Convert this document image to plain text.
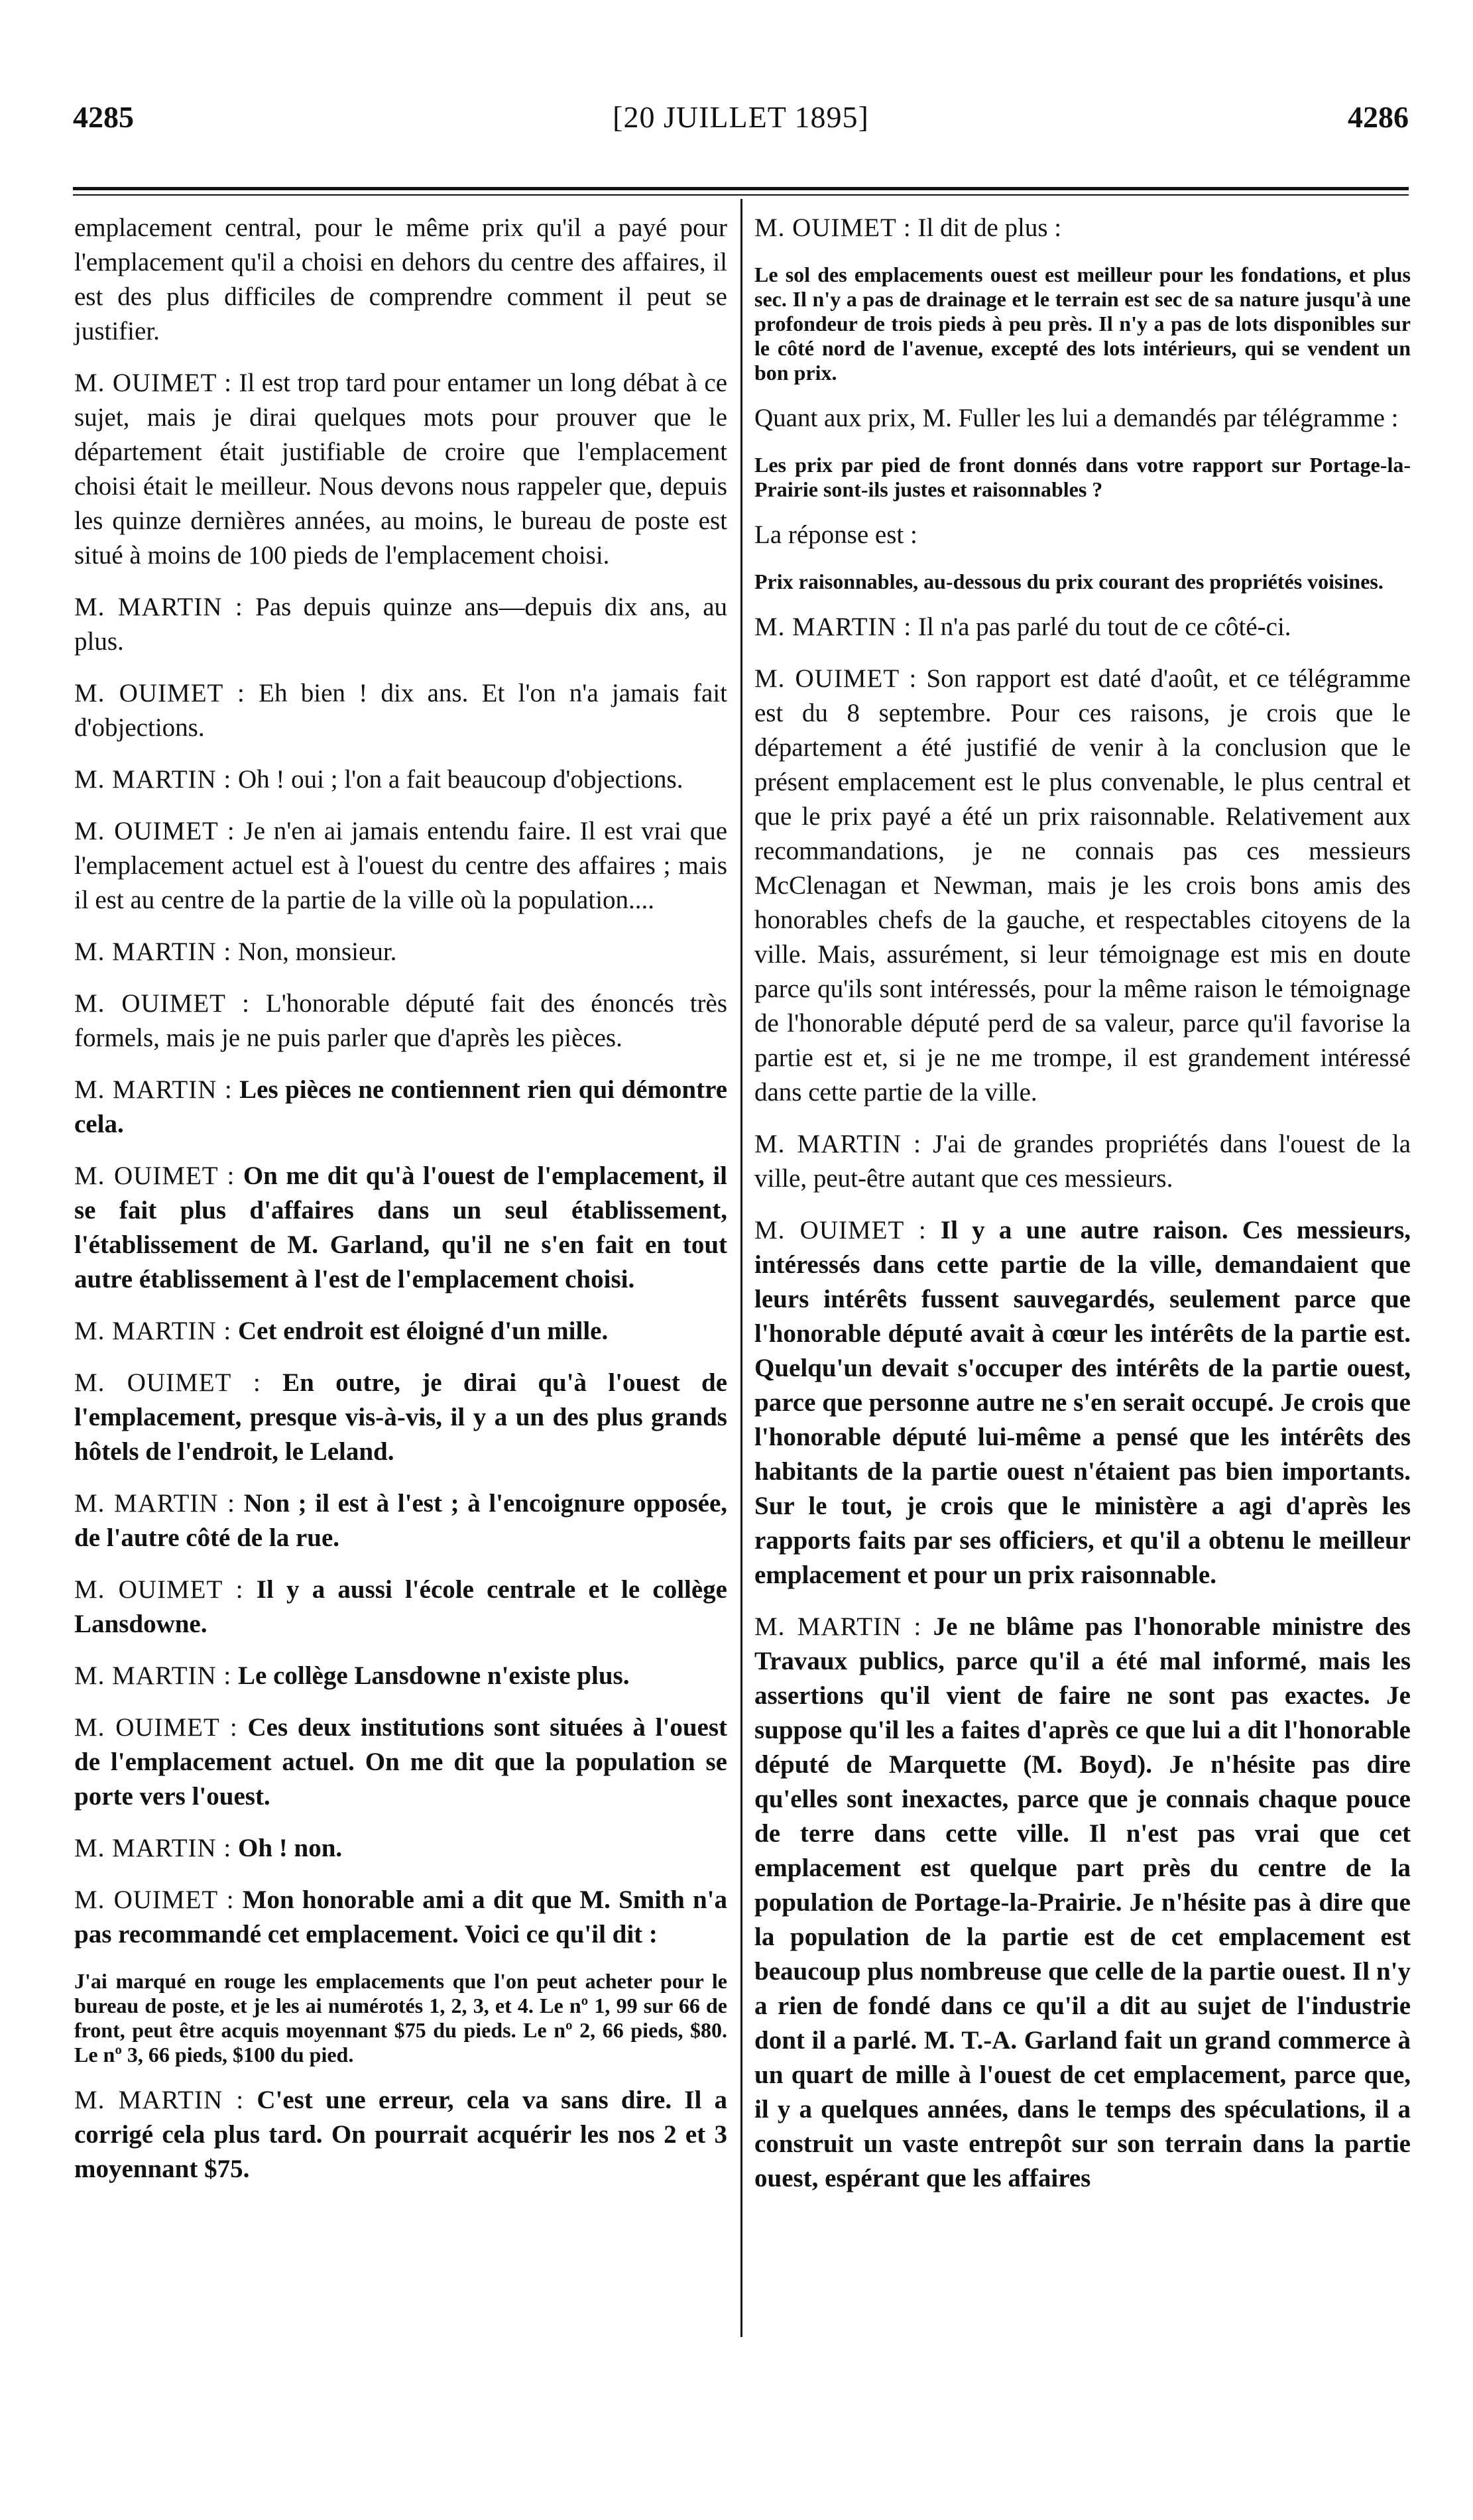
4285	[20 JUILLET 1895]	4286

emplacement central, pour le même prix qu'il a payé pour l'emplacement qu'il a choisi en dehors du centre des affaires, il est des plus difficiles de comprendre comment il peut se justifier.

M. OUIMET : Il est trop tard pour entamer un long débat à ce sujet, mais je dirai quelques mots pour prouver que le département était justifiable de croire que l'emplacement choisi était le meilleur. Nous devons nous rappeler que, depuis les quinze dernières années, au moins, le bureau de poste est situé à moins de 100 pieds de l'emplacement choisi.

M. MARTIN : Pas depuis quinze ans—depuis dix ans, au plus.

M. OUIMET : Eh bien ! dix ans. Et l'on n'a jamais fait d'objections.

M. MARTIN : Oh ! oui ; l'on a fait beaucoup d'objections.

M. OUIMET : Je n'en ai jamais entendu faire. Il est vrai que l'emplacement actuel est à l'ouest du centre des affaires ; mais il est au centre de la partie de la ville où la population....

M. MARTIN : Non, monsieur.

M. OUIMET : L'honorable député fait des énoncés très formels, mais je ne puis parler que d'après les pièces.

M. MARTIN : Les pièces ne contiennent rien qui démontre cela.

M. OUIMET : On me dit qu'à l'ouest de l'emplacement, il se fait plus d'affaires dans un seul établissement, l'établissement de M. Garland, qu'il ne s'en fait en tout autre établissement à l'est de l'emplacement choisi.

M. MARTIN : Cet endroit est éloigné d'un mille.

M. OUIMET : En outre, je dirai qu'à l'ouest de l'emplacement, presque vis-à-vis, il y a un des plus grands hôtels de l'endroit, le Leland.

M. MARTIN : Non ; il est à l'est ; à l'encoignure opposée, de l'autre côté de la rue.

M. OUIMET : Il y a aussi l'école centrale et le collège Lansdowne.

M. MARTIN : Le collège Lansdowne n'existe plus.

M. OUIMET : Ces deux institutions sont situées à l'ouest de l'emplacement actuel. On me dit que la population se porte vers l'ouest.

M. MARTIN : Oh ! non.

M. OUIMET : Mon honorable ami a dit que M. Smith n'a pas recommandé cet emplacement. Voici ce qu'il dit :

J'ai marqué en rouge les emplacements que l'on peut acheter pour le bureau de poste, et je les ai numérotés 1, 2, 3, et 4. Le nº 1, 99 sur 66 de front, peut être acquis moyennant $75 du pieds. Le nº 2, 66 pieds, $80. Le nº 3, 66 pieds, $100 du pied.

M. MARTIN : C'est une erreur, cela va sans dire. Il a corrigé cela plus tard. On pourrait acquérir les nos 2 et 3 moyennant $75.

M. OUIMET : Il dit de plus :

Le sol des emplacements ouest est meilleur pour les fondations, et plus sec. Il n'y a pas de drainage et le terrain est sec de sa nature jusqu'à une profondeur de trois pieds à peu près. Il n'y a pas de lots disponibles sur le côté nord de l'avenue, excepté des lots intérieurs, qui se vendent un bon prix.

Quant aux prix, M. Fuller les lui a demandés par télégramme :

Les prix par pied de front donnés dans votre rapport sur Portage-la-Prairie sont-ils justes et raisonnables ?

La réponse est :

Prix raisonnables, au-dessous du prix courant des propriétés voisines.

M. MARTIN : Il n'a pas parlé du tout de ce côté-ci.

M. OUIMET : Son rapport est daté d'août, et ce télégramme est du 8 septembre. Pour ces raisons, je crois que le département a été justifié de venir à la conclusion que le présent emplacement est le plus convenable, le plus central et que le prix payé a été un prix raisonnable. Relativement aux recommandations, je ne connais pas ces messieurs McClenagan et Newman, mais je les crois bons amis des honorables chefs de la gauche, et respectables citoyens de la ville. Mais, assurément, si leur témoignage est mis en doute parce qu'ils sont intéressés, pour la même raison le témoignage de l'honorable député perd de sa valeur, parce qu'il favorise la partie est et, si je ne me trompe, il est grandement intéressé dans cette partie de la ville.

M. MARTIN : J'ai de grandes propriétés dans l'ouest de la ville, peut-être autant que ces messieurs.

M. OUIMET : Il y a une autre raison. Ces messieurs, intéressés dans cette partie de la ville, demandaient que leurs intérêts fussent sauvegardés, seulement parce que l'honorable député avait à cœur les intérêts de la partie est. Quelqu'un devait s'occuper des intérêts de la partie ouest, parce que personne autre ne s'en serait occupé. Je crois que l'honorable député lui-même a pensé que les intérêts des habitants de la partie ouest n'étaient pas bien importants. Sur le tout, je crois que le ministère a agi d'après les rapports faits par ses officiers, et qu'il a obtenu le meilleur emplacement et pour un prix raisonnable.

M. MARTIN : Je ne blâme pas l'honorable ministre des Travaux publics, parce qu'il a été mal informé, mais les assertions qu'il vient de faire ne sont pas exactes. Je suppose qu'il les a faites d'après ce que lui a dit l'honorable député de Marquette (M. Boyd). Je n'hésite pas dire qu'elles sont inexactes, parce que je connais chaque pouce de terre dans cette ville. Il n'est pas vrai que cet emplacement est quelque part près du centre de la population de Portage-la-Prairie. Je n'hésite pas à dire que la population de la partie est de cet emplacement est beaucoup plus nombreuse que celle de la partie ouest. Il n'y a rien de fondé dans ce qu'il a dit au sujet de l'industrie dont il a parlé. M. T.-A. Garland fait un grand commerce à un quart de mille à l'ouest de cet emplacement, parce que, il y a quelques années, dans le temps des spéculations, il a construit un vaste entrepôt sur son terrain dans la partie ouest, espérant que les affaires
